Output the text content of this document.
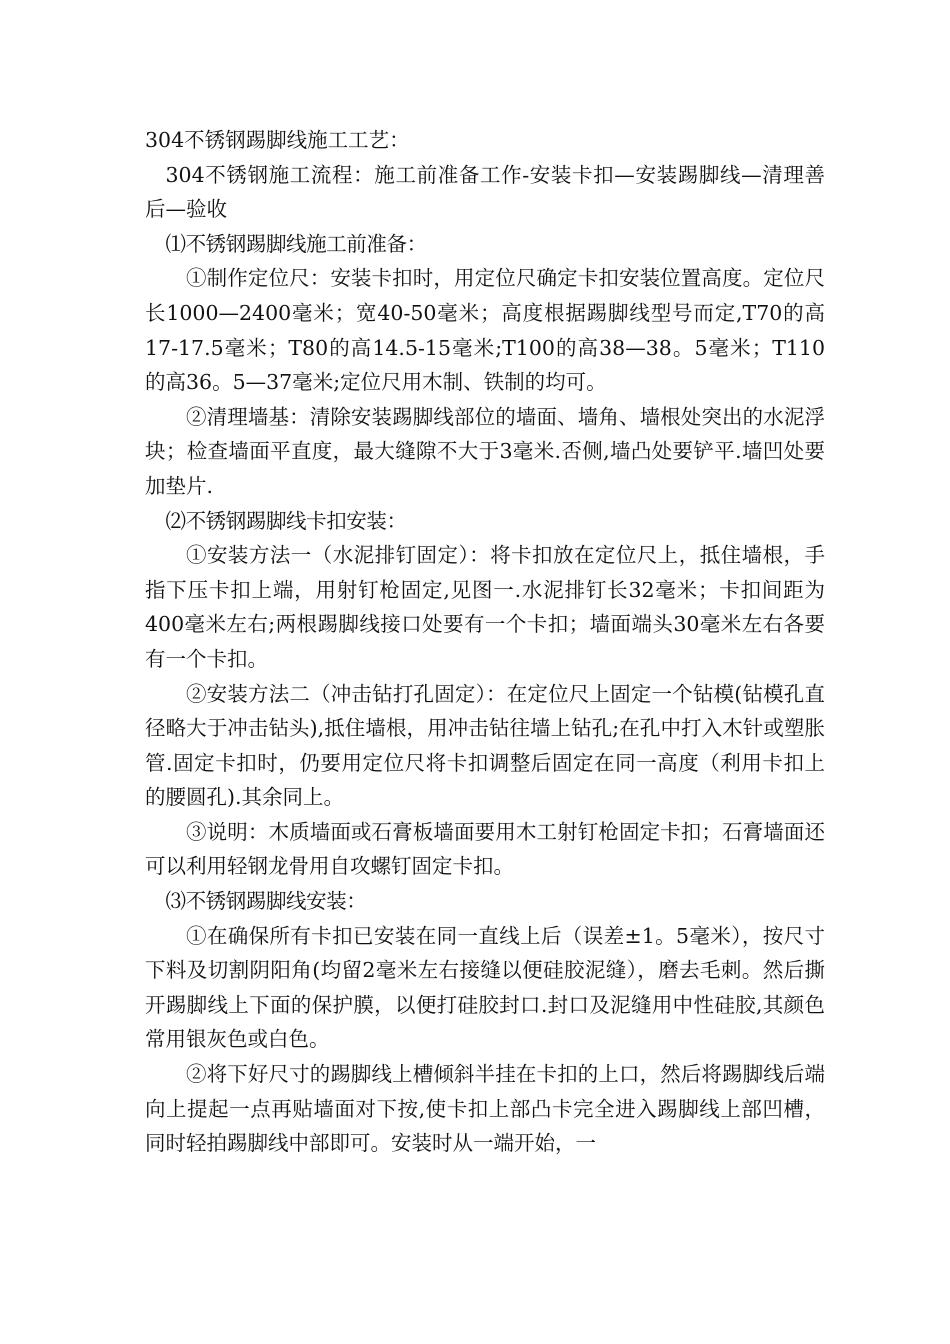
304不锈钢踢脚线施工工艺：

304不锈钢施工流程：施工前准备工作-安装卡扣—安装踢脚线—清理善后—验收

⑴不锈钢踢脚线施工前准备：

①制作定位尺：安装卡扣时，用定位尺确定卡扣安装位置高度。定位尺长1000—2400毫米；宽40-50毫米；高度根据踢脚线型号而定,T70的高17-17.5毫米；T80的高14.5-15毫米;T100的高38—38。5毫米；T110的高36。5—37毫米;定位尺用木制、铁制的均可。

②清理墙基：清除安装踢脚线部位的墙面、墙角、墙根处突出的水泥浮块；检查墙面平直度，最大缝隙不大于3毫米.否侧,墙凸处要铲平.墙凹处要加垫片.

⑵不锈钢踢脚线卡扣安装：

①安装方法一（水泥排钉固定）：将卡扣放在定位尺上，抵住墙根，手指下压卡扣上端，用射钉枪固定,见图一.水泥排钉长32毫米；卡扣间距为400毫米左右;两根踢脚线接口处要有一个卡扣；墙面端头30毫米左右各要有一个卡扣。

②安装方法二（冲击钻打孔固定）：在定位尺上固定一个钻模(钻模孔直径略大于冲击钻头),抵住墙根，用冲击钻往墙上钻孔;在孔中打入木针或塑胀管.固定卡扣时，仍要用定位尺将卡扣调整后固定在同一高度（利用卡扣上的腰圆孔).其余同上。

③说明：木质墙面或石膏板墙面要用木工射钉枪固定卡扣；石膏墙面还可以利用轻钢龙骨用自攻螺钉固定卡扣。

⑶不锈钢踢脚线安装：

①在确保所有卡扣已安装在同一直线上后（误差±1。5毫米），按尺寸下料及切割阴阳角(均留2毫米左右接缝以便硅胶泥缝），磨去毛刺。然后撕开踢脚线上下面的保护膜，以便打硅胶封口.封口及泥缝用中性硅胶,其颜色常用银灰色或白色。

②将下好尺寸的踢脚线上槽倾斜半挂在卡扣的上口，然后将踢脚线后端向上提起一点再贴墙面对下按,使卡扣上部凸卡完全进入踢脚线上部凹槽，同时轻拍踢脚线中部即可。安装时从一端开始，一
